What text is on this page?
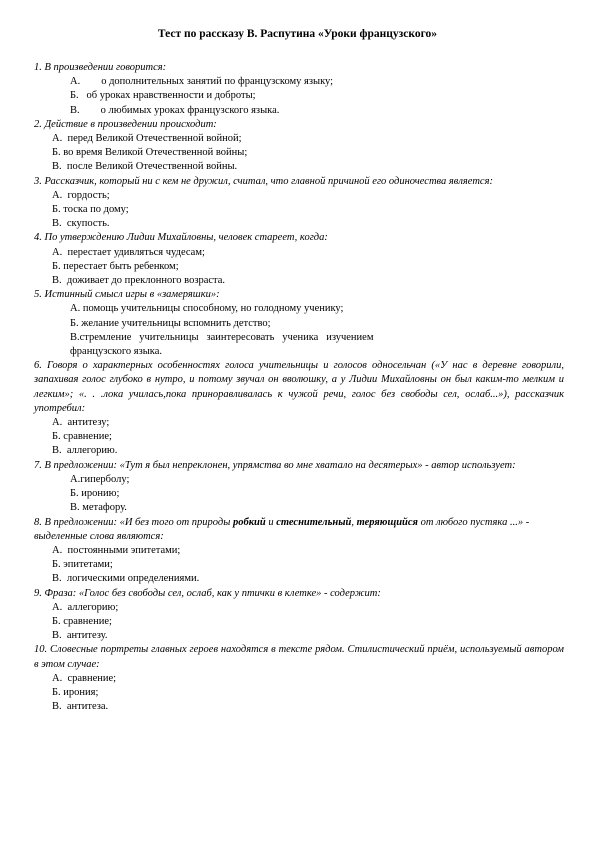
Тест по рассказу В. Распутина «Уроки французского»
1. В произведении говорится:
А.        о дополнительных занятий по французскому языку;
Б.   об уроках нравственности и доброты;
В.        о любимых уроках французского языка.
2. Действие в произведении происходит:
А.  перед Великой Отечественной войной;
Б. во время Великой Отечественной войны;
В.  после Великой Отечественной войны.
3. Рассказчик, который ни с кем не дружил, считал, что главной причиной его одиночества является:
А.  гордость;
Б. тоска по дому;
В.  скупость.
4. По утверждению Лидии Михайловны, человек стареет, когда:
А.  перестает удивляться чудесам;
Б. перестает быть ребенком;
В.  доживает до преклонного возраста.
5. Истинный смысл игры в «замеряшки»:
А. помощь учительницы способному, но голодному ученику;
Б. желание учительницы вспомнить детство;
В.стремление   учительницы   заинтересовать   ученика   изучением
французского языка.
6. Говоря о характерных особенностях голоса учительницы и голосов односельчан («У нас в деревне говорили, запахивая голос глубоко в нутро, и потому звучал он вволюшку, а у Лидии Михайловны он был каким-то мелким и легким»; «. . .лока училась,пока приноравливалась к чужой речи, голос без свободы сел, ослаб...»), рассказчик употребил:
А.  антитезу;
Б. сравнение;
В.  аллегорию.
7. В предложении: «Тут я был непреклонен, упрямства во мне хватало на десятерых» - автор использует:
А.гиперболу;
Б. иронию;
В. метафору.
8. В предложении: «И без того от природы робкий и стеснительный, теряющийся от любого пустяка ...» - выделенные слова являются:
А.  постоянными эпитетами;
Б. эпитетами;
В.  логическими определениями.
9. Фраза: «Голос без свободы сел, ослаб, как у птички в клетке» - содержит:
А.  аллегорию;
Б. сравнение;
В.  антитезу.
10. Словесные портреты главных героев находятся в тексте рядом. Стилистический приём, используемый автором в этом случае:
А.  сравнение;
Б. ирония;
В.  антитеза.
